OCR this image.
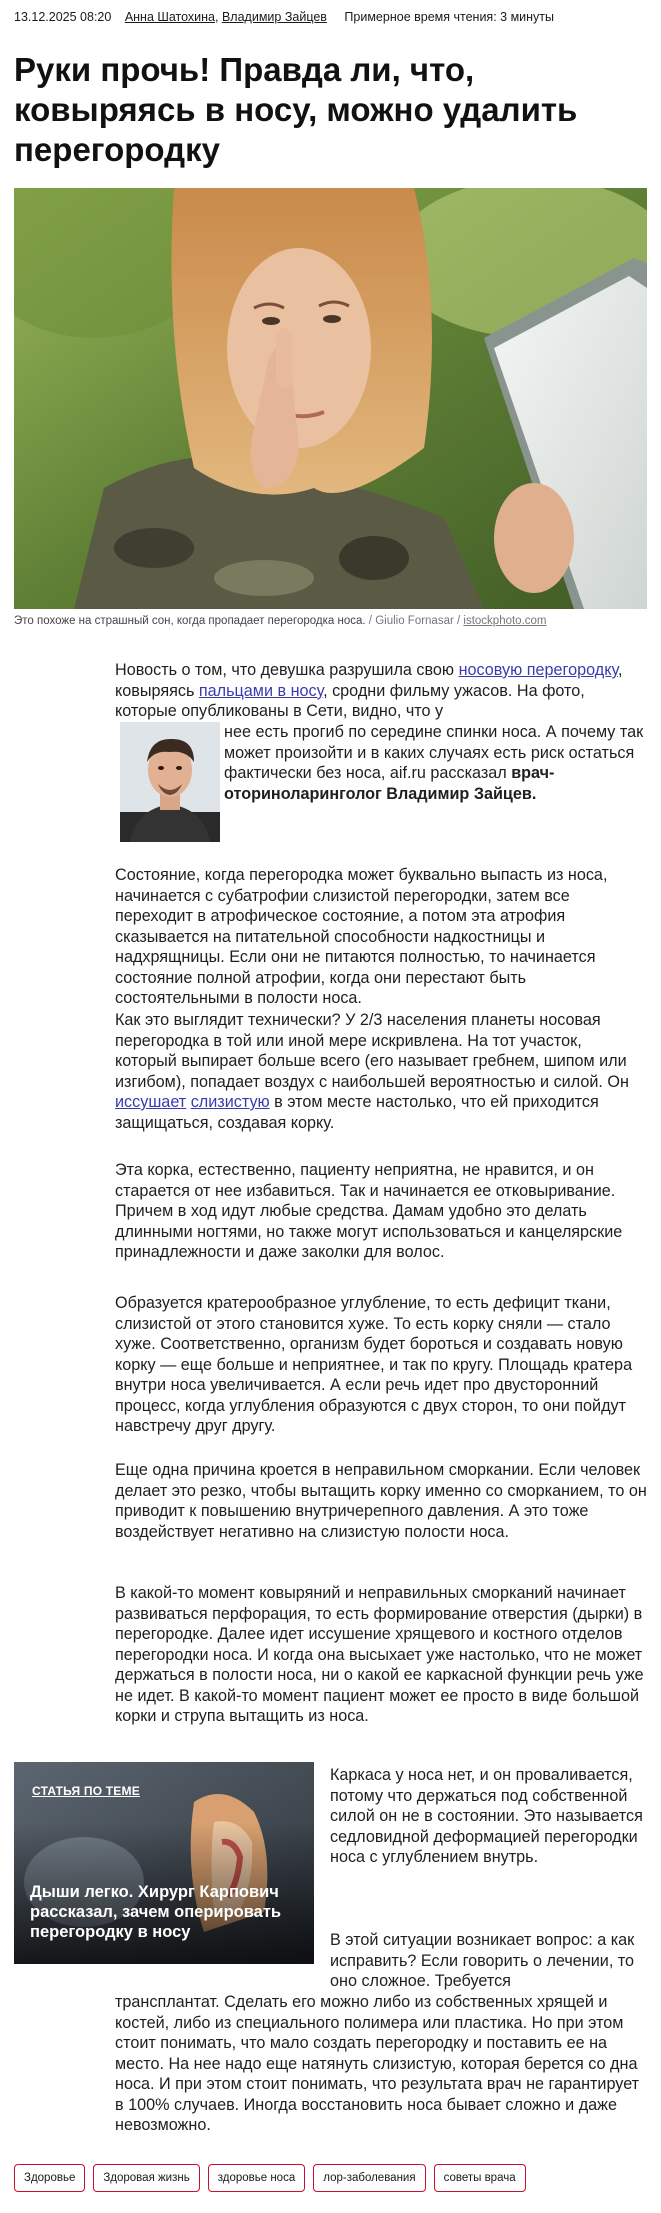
13.12.2025 08:20 Анна Шатохина, Владимир Зайцев Примерное время чтения: 3 минуты
Руки прочь! Правда ли, что, ковыряясь в носу, можно удалить перегородку
Это похоже на страшный сон, когда пропадает перегородка носа. / Giulio Fornasar / istockphoto.com

Новость о том, что девушка разрушила свою носовую перегородку, ковыряясь пальцами в носу, сродни фильму ужасов. На фото, которые опубликованы в Сети, видно, что у

нее есть прогиб по середине спинки носа. А почему так может произойти и в каких случаях есть риск остаться фактически без носа, aif.ru рассказал врач-оториноларинголог Владимир Зайцев.

Состояние, когда перегородка может буквально выпасть из носа, начинается с субатрофии слизистой перегородки, затем все переходит в атрофическое состояние, а потом эта атрофия сказывается на питательной способности надкостницы и надхрящницы. Если они не питаются полностью, то начинается состояние полной атрофии, когда они перестают быть состоятельными в полости носа.

Как это выглядит технически? У 2/3 населения планеты носовая перегородка в той или иной мере искривлена. На тот участок, который выпирает больше всего (его называет гребнем, шипом или изгибом), попадает воздух с наибольшей вероятностью и силой. Он иссушает слизистую в этом месте настолько, что ей приходится защищаться, создавая корку.

Эта корка, естественно, пациенту неприятна, не нравится, и он старается от нее избавиться. Так и начинается ее отковыривание. Причем в ход идут любые средства. Дамам удобно это делать длинными ногтями, но также могут использоваться и канцелярские принадлежности и даже заколки для волос.

Образуется кратерообразное углубление, то есть дефицит ткани, слизистой от этого становится хуже. То есть корку сняли — стало хуже. Соответственно, организм будет бороться и создавать новую корку — еще больше и неприятнее, и так по кругу. Площадь кратера внутри носа увеличивается. А если речь идет про двусторонний процесс, когда углубления образуются с двух сторон, то они пойдут навстречу друг другу.

Еще одна причина кроется в неправильном сморкании. Если человек делает это резко, чтобы вытащить корку именно со сморканием, то он приводит к повышению внутричерепного давления. А это тоже воздействует негативно на слизистую полости носа.

В какой-то момент ковыряний и неправильных сморканий начинает развиваться перфорация, то есть формирование отверстия (дырки) в перегородке. Далее идет иссушение хрящевого и костного отделов перегородки носа. И когда она высыхает уже настолько, что не может держаться в полости носа, ни о какой ее каркасной функции речь уже не идет. В какой-то момент пациент может ее просто в виде большой корки и струпа вытащить из носа.

СТАТЬЯ ПО ТЕМЕ
Дыши легко. Хирург Карпович рассказал, зачем оперировать перегородку в носу

Каркаса у носа нет, и он проваливается, потому что держаться под собственной силой он не в состоянии. Это называется седловидной деформацией перегородки носа с углублением внутрь.

В этой ситуации возникает вопрос: а как исправить? Если говорить о лечении, то оно сложное. Требуется

трансплантат. Сделать его можно либо из собственных хрящей и костей, либо из специального полимера или пластика. Но при этом стоит понимать, что мало создать перегородку и поставить ее на место. На нее надо еще натянуть слизистую, которая берется со дна носа. И при этом стоит понимать, что результата врач не гарантирует в 100% случаев. Иногда восстановить носа бывает сложно и даже невозможно.

Здоровье	Здоровая жизнь	здоровье носа	лор-заболевания	советы врача
